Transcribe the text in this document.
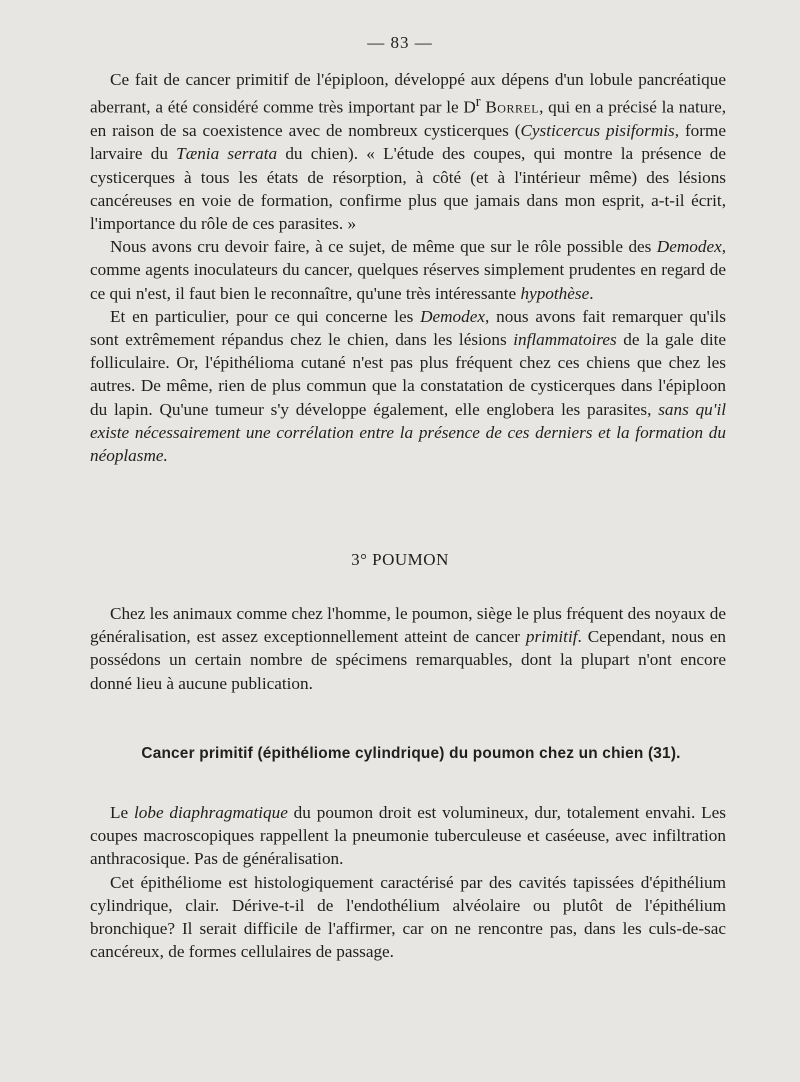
— 83 —

Ce fait de cancer primitif de l'épiploon, développé aux dépens d'un lobule pancréatique aberrant, a été considéré comme très important par le $D^r$ Borrel, qui en a précisé la nature, en raison de sa coexistence avec de nombreux cysticerques (Cysticercus pisiformis, forme larvaire du Tænia serrata du chien). « L'étude des coupes, qui montre la présence de cysticerques à tous les états de résorption, à côté (et à l'intérieur même) des lésions cancéreuses en voie de formation, confirme plus que jamais dans mon esprit, a-t-il écrit, l'importance du rôle de ces parasites. »

Nous avons cru devoir faire, à ce sujet, de même que sur le rôle possible des Demodex, comme agents inoculateurs du cancer, quelques réserves simplement prudentes en regard de ce qui n'est, il faut bien le reconnaître, qu'une très intéressante hypothèse.

Et en particulier, pour ce qui concerne les Demodex, nous avons fait remarquer qu'ils sont extrêmement répandus chez le chien, dans les lésions inflammatoires de la gale dite folliculaire. Or, l'épithélioma cutané n'est pas plus fréquent chez ces chiens que chez les autres. De même, rien de plus commun que la constatation de cysticerques dans l'épiploon du lapin. Qu'une tumeur s'y développe également, elle englobera les parasites, sans qu'il existe nécessairement une corrélation entre la présence de ces derniers et la formation du néoplasme.

3° POUMON

Chez les animaux comme chez l'homme, le poumon, siège le plus fréquent des noyaux de généralisation, est assez exceptionnellement atteint de cancer primitif. Cependant, nous en possédons un certain nombre de spécimens remarquables, dont la plupart n'ont encore donné lieu à aucune publication.

Cancer primitif (épithéliome cylindrique) du poumon chez un chien (31).

Le lobe diaphragmatique du poumon droit est volumineux, dur, totalement envahi. Les coupes macroscopiques rappellent la pneumonie tuberculeuse et caséeuse, avec infiltration anthracosique. Pas de généralisation.

Cet épithéliome est histologiquement caractérisé par des cavités tapissées d'épithélium cylindrique, clair. Dérive-t-il de l'endothélium alvéolaire ou plutôt de l'épithélium bronchique? Il serait difficile de l'affirmer, car on ne rencontre pas, dans les culs-de-sac cancéreux, de formes cellulaires de passage.
